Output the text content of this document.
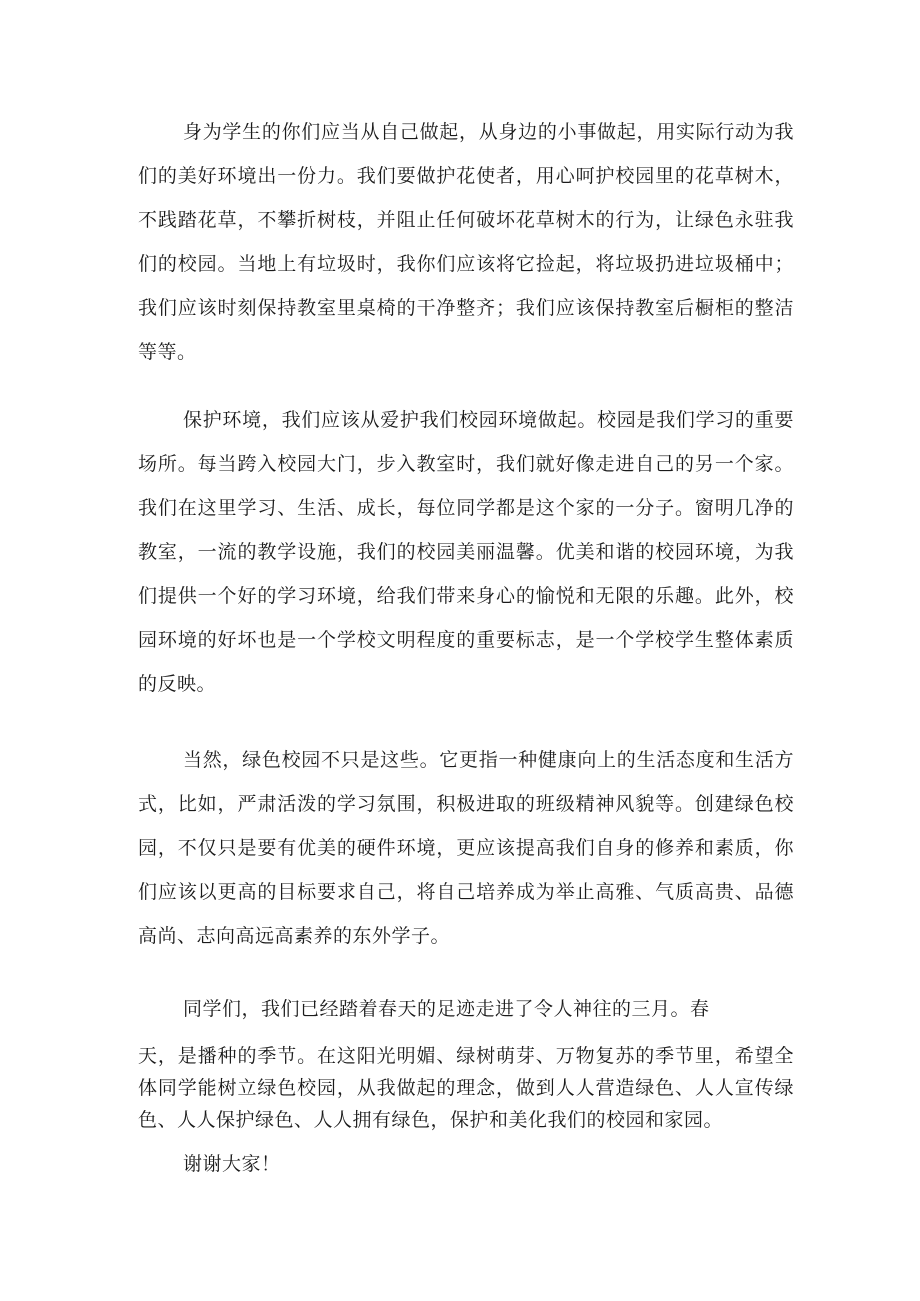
身为学生的你们应当从自己做起，从身边的小事做起，用实际行动为我们的美好环境出一份力。我们要做护花使者，用心呵护校园里的花草树木，不践踏花草，不攀折树枝，并阻止任何破坏花草树木的行为，让绿色永驻我们的校园。当地上有垃圾时，我你们应该将它捡起，将垃圾扔进垃圾桶中；我们应该时刻保持教室里桌椅的干净整齐；我们应该保持教室后橱柜的整洁等等。

保护环境，我们应该从爱护我们校园环境做起。校园是我们学习的重要场所。每当跨入校园大门，步入教室时，我们就好像走进自己的另一个家。我们在这里学习、生活、成长，每位同学都是这个家的一分子。窗明几净的教室，一流的教学设施，我们的校园美丽温馨。优美和谐的校园环境，为我们提供一个好的学习环境，给我们带来身心的愉悦和无限的乐趣。此外，校园环境的好坏也是一个学校文明程度的重要标志，是一个学校学生整体素质的反映。

当然，绿色校园不只是这些。它更指一种健康向上的生活态度和生活方式，比如，严肃活泼的学习氛围，积极进取的班级精神风貌等。创建绿色校园，不仅只是要有优美的硬件环境，更应该提高我们自身的修养和素质，你们应该以更高的目标要求自己，将自己培养成为举止高雅、气质高贵、品德高尚、志向高远高素养的东外学子。

同学们，我们已经踏着春天的足迹走进了令人神往的三月。春

天，是播种的季节。在这阳光明媚、绿树萌芽、万物复苏的季节里，希望全体同学能树立绿色校园，从我做起的理念，做到人人营造绿色、人人宣传绿色、人人保护绿色、人人拥有绿色，保护和美化我们的校园和家园。

谢谢大家！
